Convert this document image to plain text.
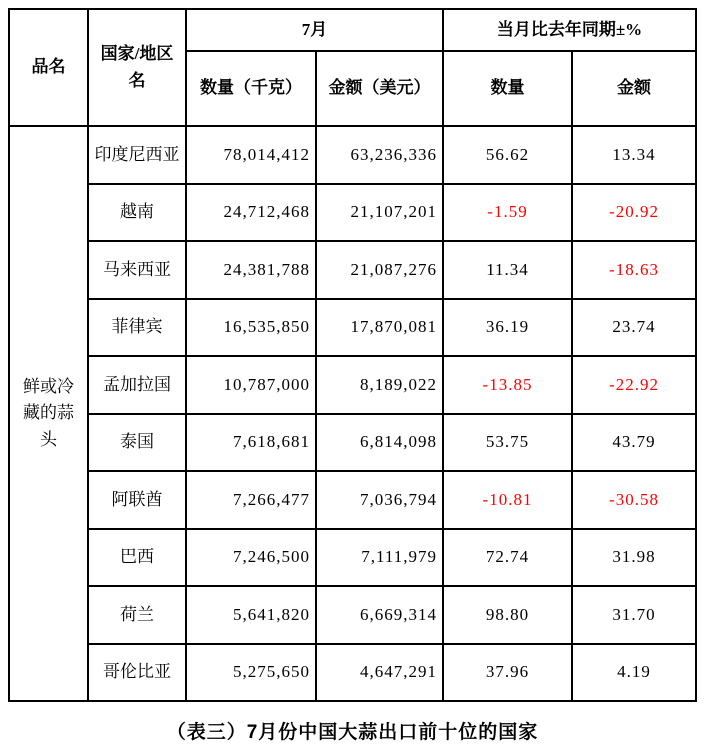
品名	国家/地区名	7月		当月比去年同期±%	
		数量（千克）	金额（美元）	数量	金额
鲜或冷藏的蒜头	印度尼西亚	78,014,412	63,236,336	56.62	13.34
	越南	24,712,468	21,107,201	-1.59	-20.92
	马来西亚	24,381,788	21,087,276	11.34	-18.63
	菲律宾	16,535,850	17,870,081	36.19	23.74
	孟加拉国	10,787,000	8,189,022	-13.85	-22.92
	泰国	7,618,681	6,814,098	53.75	43.79
	阿联酋	7,266,477	7,036,794	-10.81	-30.58
	巴西	7,246,500	7,111,979	72.74	31.98
	荷兰	5,641,820	6,669,314	98.80	31.70
	哥伦比亚	5,275,650	4,647,291	37.96	4.19
（表三）7月份中国大蒜出口前十位的国家
